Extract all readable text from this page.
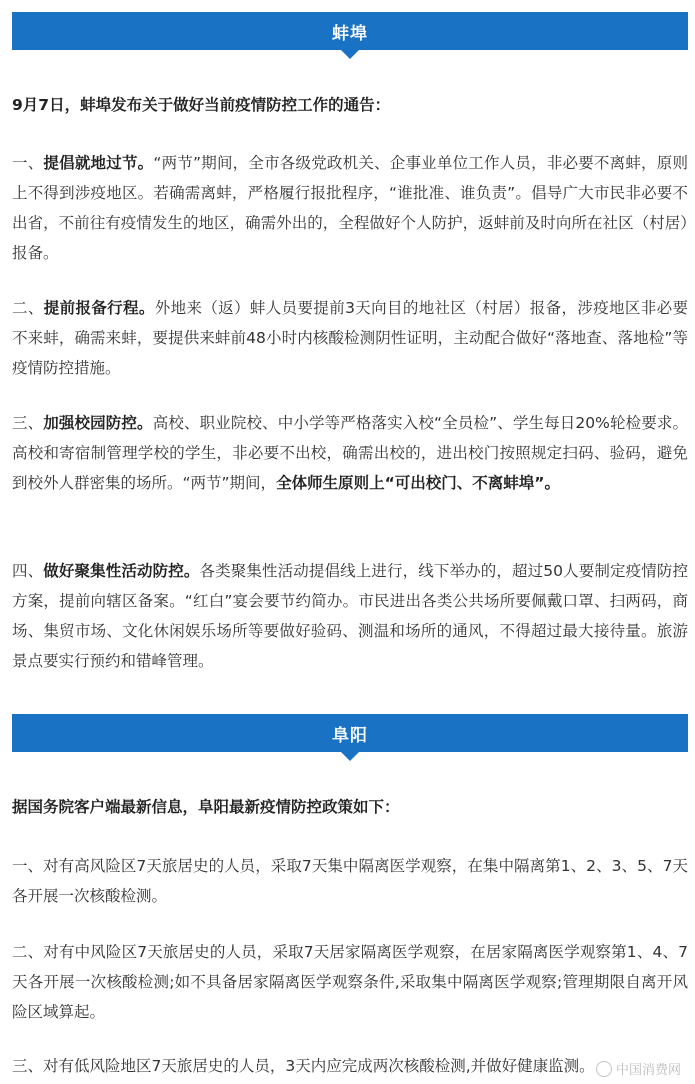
蚌埠

9月7日，蚌埠发布关于做好当前疫情防控工作的通告：

一、提倡就地过节。“两节”期间，全市各级党政机关、企事业单位工作人员，非必要不离蚌，原则上不得到涉疫地区。若确需离蚌，严格履行报批程序，“谁批准、谁负责”。倡导广大市民非必要不出省，不前往有疫情发生的地区，确需外出的，全程做好个人防护，返蚌前及时向所在社区（村居）报备。

二、提前报备行程。外地来（返）蚌人员要提前3天向目的地社区（村居）报备，涉疫地区非必要不来蚌，确需来蚌，要提供来蚌前48小时内核酸检测阴性证明，主动配合做好“落地查、落地检”等疫情防控措施。

三、加强校园防控。高校、职业院校、中小学等严格落实入校“全员检”、学生每日20%轮检要求。高校和寄宿制管理学校的学生，非必要不出校，确需出校的，进出校门按照规定扫码、验码，避免到校外人群密集的场所。“两节”期间，全体师生原则上“可出校门、不离蚌埠”。

四、做好聚集性活动防控。各类聚集性活动提倡线上进行，线下举办的，超过50人要制定疫情防控方案，提前向辖区备案。“红白”宴会要节约简办。市民进出各类公共场所要佩戴口罩、扫两码，商场、集贸市场、文化休闲娱乐场所等要做好验码、测温和场所的通风，不得超过最大接待量。旅游景点要实行预约和错峰管理。

阜阳

据国务院客户端最新信息，阜阳最新疫情防控政策如下：

一、对有高风险区7天旅居史的人员，采取7天集中隔离医学观察，在集中隔离第1、2、3、5、7天各开展一次核酸检测。

二、对有中风险区7天旅居史的人员，采取7天居家隔离医学观察，在居家隔离医学观察第1、4、7天各开展一次核酸检测;如不具备居家隔离医学观察条件,采取集中隔离医学观察;管理期限自离开风险区域算起。

三、对有低风险地区7天旅居史的人员，3天内应完成两次核酸检测,并做好健康监测。	中国消费网
